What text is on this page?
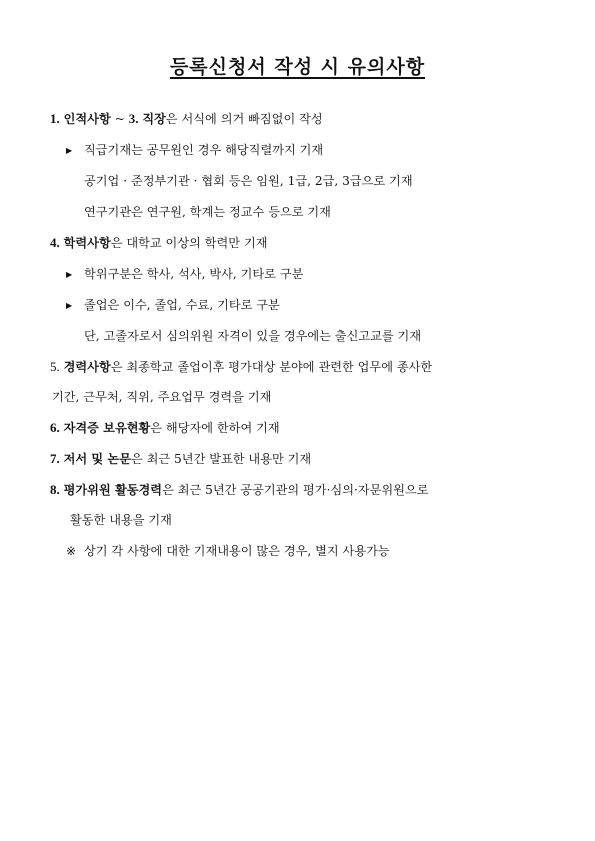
등록신청서 작성 시 유의사항
1. 인적사항 ~ 3. 직장은 서식에 의거 빠짐없이 작성
▶ 직급기재는 공무원인 경우 해당직렬까지 기재
공기업 · 준정부기관 · 협회 등은 임원, 1급, 2급, 3급으로 기재
연구기관은 연구원, 학계는 정교수 등으로 기재
4. 학력사항은 대학교 이상의 학력만 기재
▶ 학위구분은 학사, 석사, 박사, 기타로 구분
▶ 졸업은 이수, 졸업, 수료, 기타로 구분
단, 고졸자로서 심의위원 자격이 있을 경우에는 출신고교를 기재
5. 경력사항은 최종학교 졸업이후 평가대상 분야에 관련한 업무에 종사한
기간, 근무처, 직위, 주요업무 경력을 기재
6. 자격증 보유현황은 해당자에 한하여 기재
7. 저서 및 논문은 최근 5년간 발표한 내용만 기재
8. 평가위원 활동경력은 최근 5년간 공공기관의 평가·심의·자문위원으로
활동한 내용을 기재
※ 상기 각 사항에 대한 기재내용이 많은 경우, 별지 사용가능
